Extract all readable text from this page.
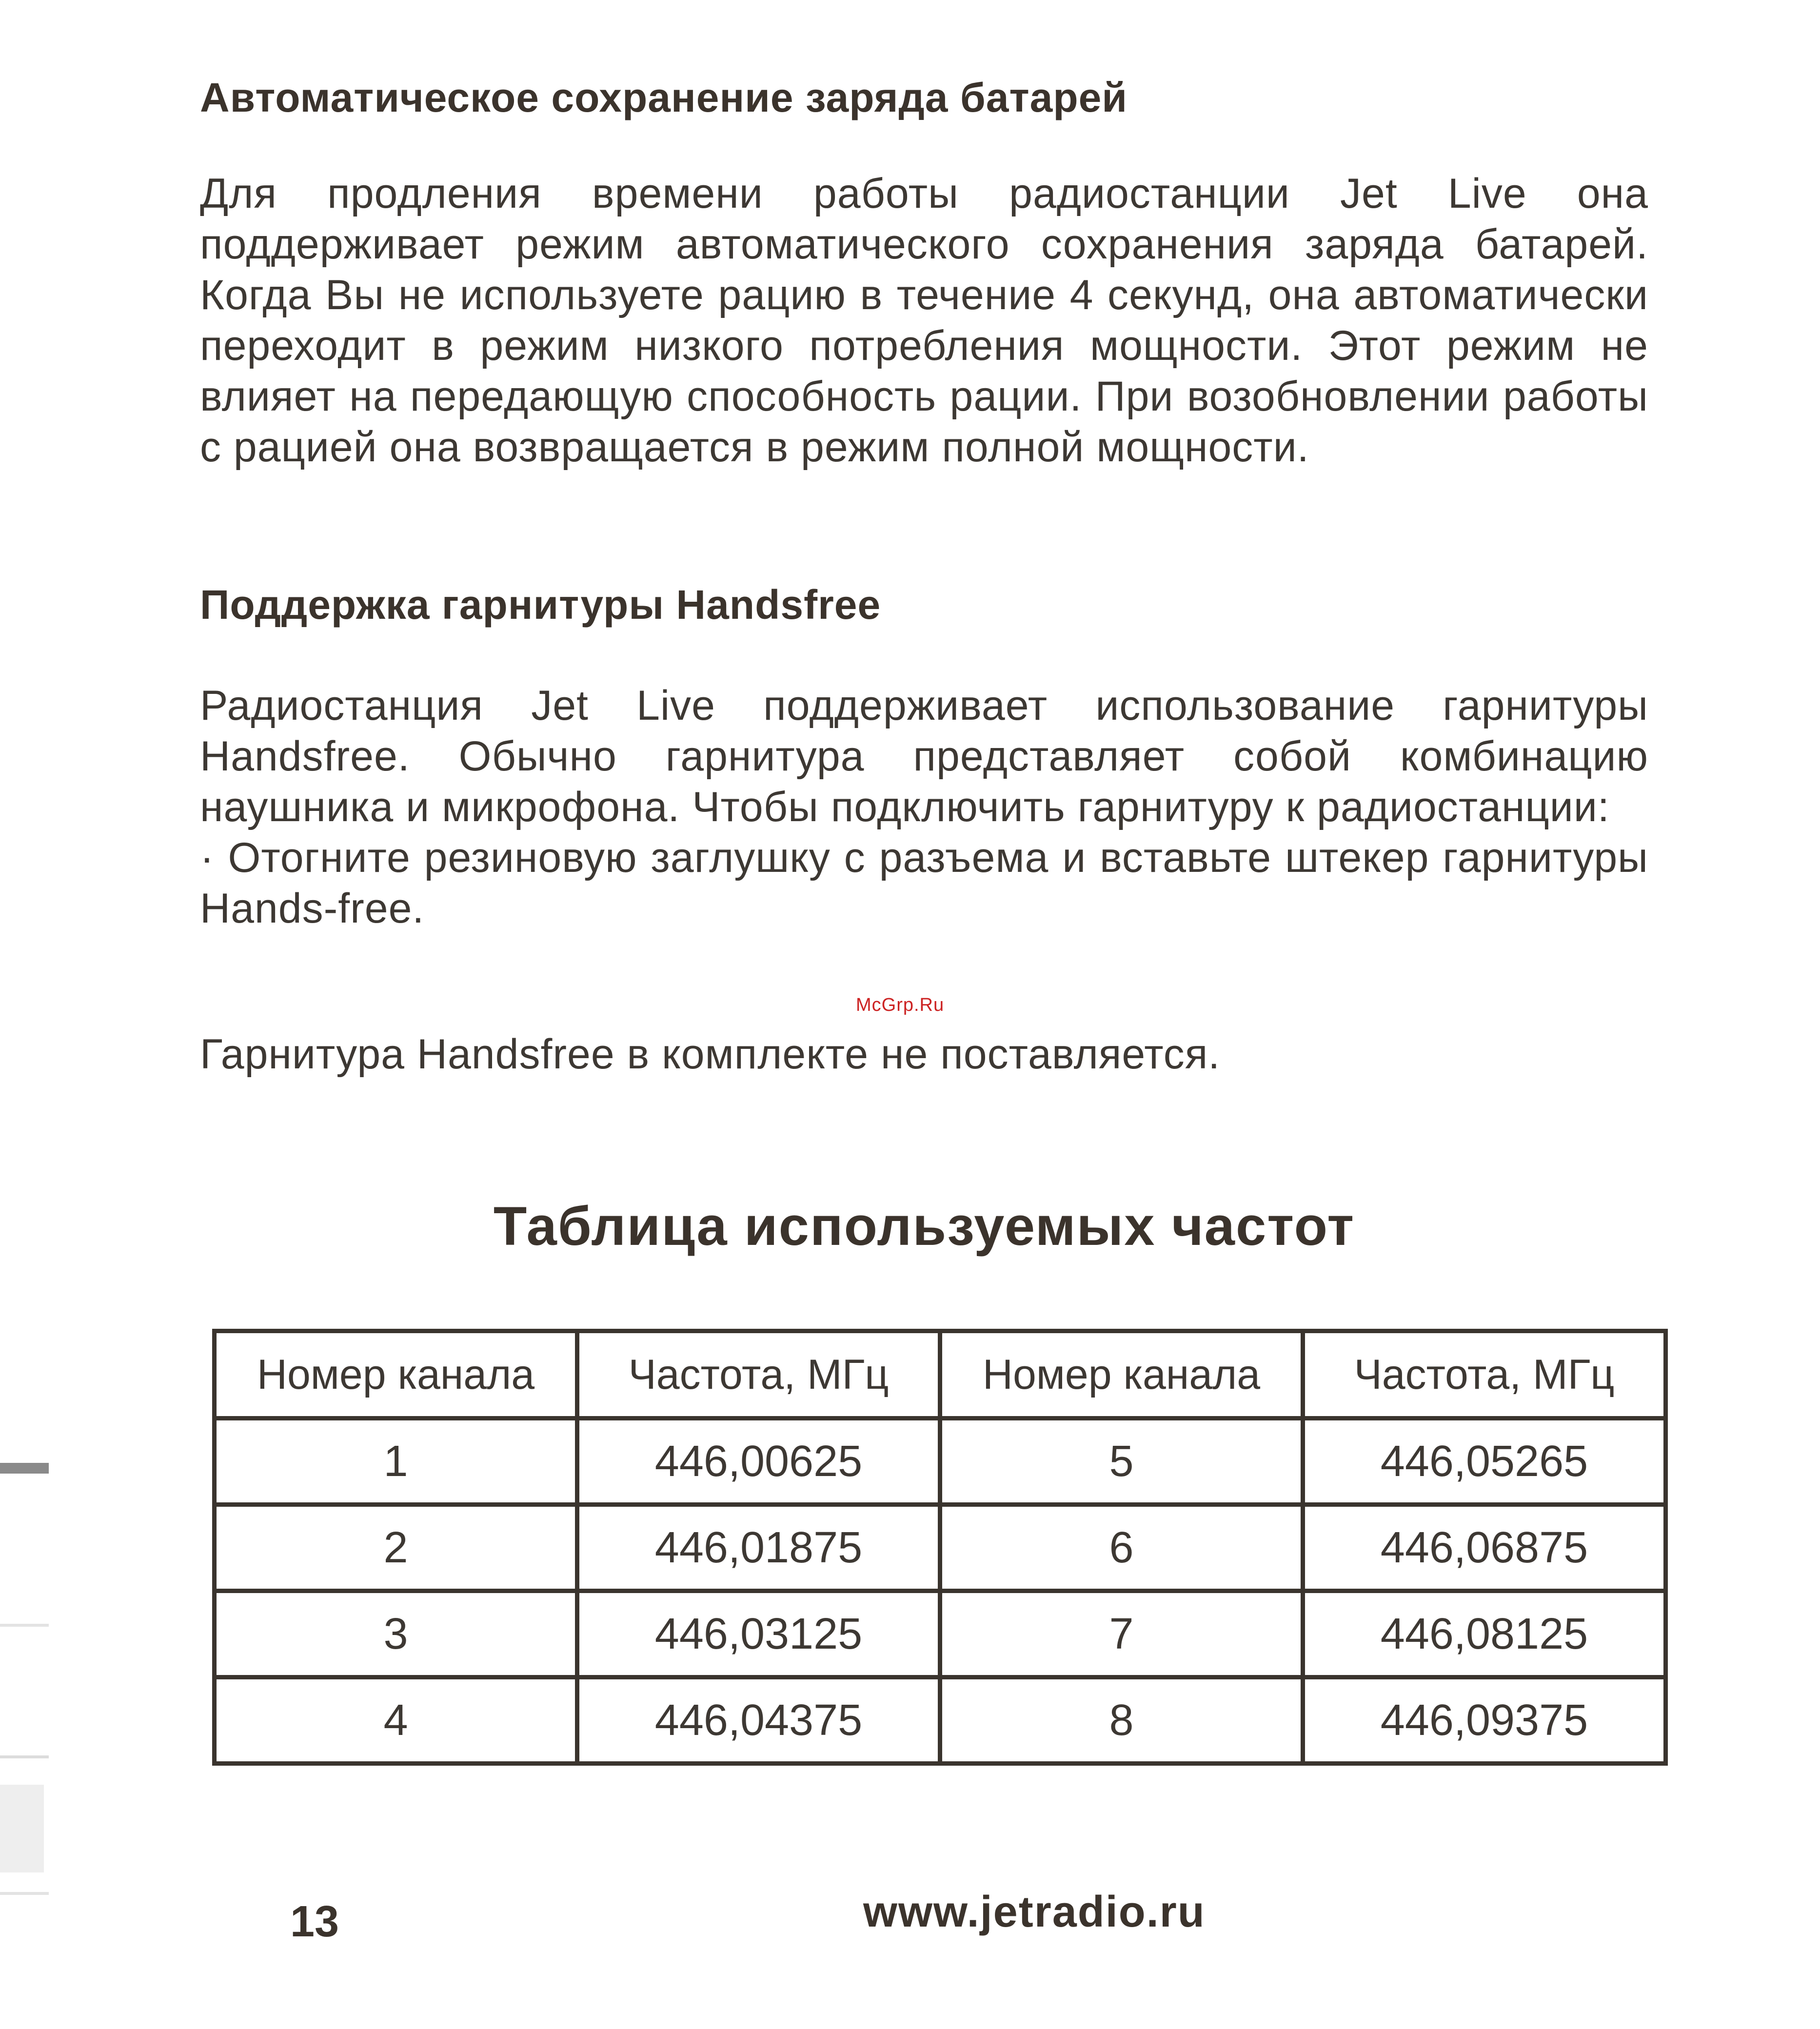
Автоматическое сохранение заряда батарей

Для продления времени работы радиостанции Jet Live она поддерживает режим автоматического сохранения заряда батарей. Когда Вы не используете рацию в течение 4 секунд, она автоматически переходит в режим низкого потребления мощности. Этот режим не влияет на передающую способность рации. При возобновлении работы с рацией она возвращается в режим полной мощности.

Поддержка гарнитуры Handsfree

Радиостанция Jet Live поддерживает использование гарнитуры Handsfree. Обычно гарнитура представляет собой комбинацию наушника и микрофона. Чтобы подключить гарнитуру к радиостанции:

· Отогните резиновую заглушку с разъема и вставьте штекер гарнитуры Hands-free.

McGrp.Ru

Гарнитура Handsfree в комплекте не поставляется.

Таблица используемых частот
Номер канала	Частота, МГц	Номер канала	Частота, МГц
1	446,00625	5	446,05265
2	446,01875	6	446,06875
3	446,03125	7	446,08125
4	446,04375	8	446,09375
13	www.jetradio.ru
